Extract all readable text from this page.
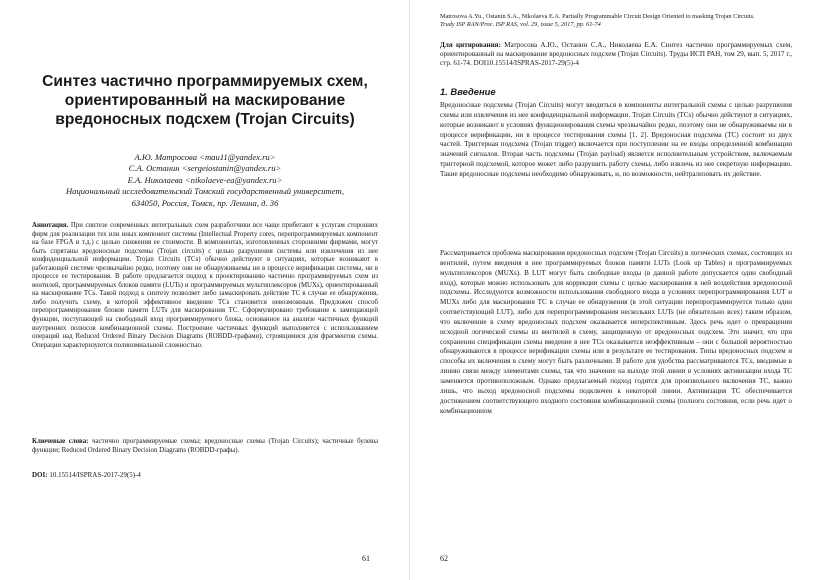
Синтез частично программируемых схем, ориентированный на маскирование вредоносных подсхем (Trojan Circuits)
А.Ю. Матросова <mau11@yandex.ru>
С.А. Останин <sergeiostanin@yandex.ru>
Е.А. Николаева <nikolaeve-ea@yandex.ru>
Национальный исследовательский Томский государственный университет,
634050, Россия, Томск, пр. Ленина, д. 36

Аннотация. При синтезе современных интегральных схем разработчики все чаще прибегают к услугам сторонних фирм для реализации тех или иных компонент системы (Intellectual Property cores, перепрограммируемых компонент на базе FPGA и т.д.) с целью снижения ее стоимости. В компонентах, изготовленных сторонними фирмами, могут быть спрятаны вредоносные подсхемы (Trojan circuits) с целью разрушения системы или извлечения из нее конфиденциальной информации. Trojan Circuits (TCs) обычно действуют в ситуациях, которые возникают в работающей системе чрезвычайно редко, поэтому они не обнаруживаемы ни в процессе верификации системы, ни в процессе ее тестирования. В работе предлагается подход к проектированию частично программируемых схем из вентилей, программируемых блоков памяти (LUTs) и программируемых мультиплексоров (MUXs), ориентированный на маскирование TCs. Такой подход к синтезу позволяет либо замаскировать действие TC в случае ее обнаружения, либо получить схему, в которой эффективное введение TCs становится невозможным. Предложен способ перепрограммирования блоков памяти LUTs для маскирования TC. Сформулировано требование к замещающей функции, поступающей на свободный вход программируемого блока, основанное на анализе частичных функций внутренних полюсов комбинационной схемы. Построение частичных функций выполняется с использованием операций над Reduced Ordered Binary Decision Diagrams (ROBDD-графами), строящимися для фрагментов схемы. Операции характеризуются полиномиальной сложностью.

Ключевые слова: частично программируемые схемы; вредоносные схемы (Trojan Circuits); частичные булевы функции; Reduced Ordered Binary Decision Diagrams (ROBDD-графы).

DOI: 10.15514/ISPRAS-2017-29(5)-4

61
Matrosova A.Yu., Ostanin S.A., Nikolaeva E.A. Partially Programmable Circuit Design Oriented to masking Trojan Circuits.
Trudy ISP RAN/Proc. ISP RAS, vol. 29, issue 5, 2017, pp. 61-74

Для цитирования: Матросова А.Ю., Останин С.А., Николаева Е.А. Синтез частично программируемых схем, ориентированный на маскирование вредоносных подсхем (Trojan Circuits). Труды ИСП РАН, том 29, вып. 5, 2017 г., стр. 61-74. DOI10.15514/ISPRAS-2017-29(5)-4

1. Введение

Вредоносные подсхемы (Trojan Circuits) могут вводиться в компоненты интегральной схемы с целью разрушения схемы или извлечения из нее конфиденциальной информации. Trojan Circuits (TCs) обычно действуют в ситуациях, которые возникают в условиях функционирования схемы чрезвычайно редко, поэтому они не обнаруживаемы ни в процессе верификации, ни в процессе тестирования схемы [1, 2]. Вредоносная подсхема (TC) состоит из двух частей. Триггерная подсхема (Trojan trigger) включается при поступлении на ее входы определенной комбинации значений сигналов. Вторая часть подсхемы (Trojan payload) является исполнительным устройством, включаемым триггерной подсхемой, которое может либо разрушить работу схемы, либо извлечь из нее секретную информацию. Такие вредоносные подсхемы необходимо обнаруживать, и, по возможности, нейтрализовать их действие.

Рассматривается проблема маскирования вредоносных подсхем (Trojan Circuits) в логических схемах, состоящих из вентилей, путем введения в нее программируемых блоков памяти LUTs (Look up Tables) и программируемых мультиплексоров (MUXs). В LUT могут быть свободные входы (в данной работе допускается один свободный вход), которые можно использовать для коррекции схемы с целью маскирования в ней воздействия вредоносной подсхемы. Исследуются возможности использования свободного входа в условиях перепрограммирования LUT и MUXs либо для маскирования TC в случае ее обнаружения (в этой ситуации перепрограммируется только один соответствующий LUT), либо для перепрограммирования нескольких LUTs (не обязательно всех) таким образом, что включение в схему вредоносных подсхем оказывается неперспективным. Здесь речь идет о превращении исходной логической схемы из вентилей в схему, защищенную от вредоносных подсхем. Это значит, что при сохранении спецификации схемы введение в нее TCs оказывается неэффективным – они с большой вероятностью обнаруживаются в процессе верификации схемы или в результате ее тестирования. Типы вредоносных подсхем и способы их включения в схему могут быть различными. В работе для удобства рассматриваются TCs, вводимые в линию связи между элементами схемы, так что значение на выходе этой линии в условиях активизации входа TC заменяется противоположным. Однако предлагаемый подход годится для произвольного включения TC, важно лишь, что выход вредоносной подсхемы подключен к некоторой линии. Активизация TC обеспечивается достижением соответствующего входного состояния комбинационной схемы (полного состояния, если речь идет о комбинационном

62
